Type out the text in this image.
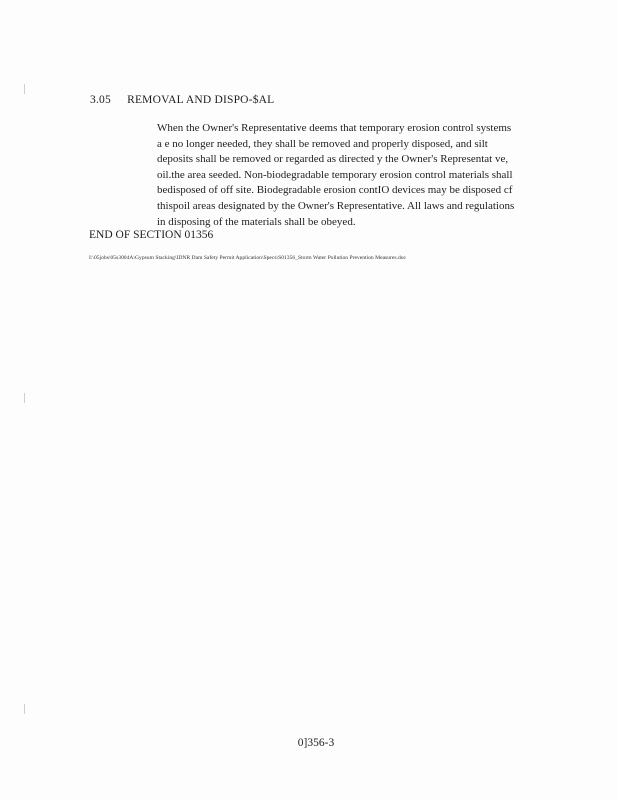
3.05 REMOVAL AND DISPO-$AL
When the Owner's Representative deems that temporary erosion control systems
a e no longer needed, they shall be removed and properly disposed, and silt
deposits shall be removed or regarded as directed y the Owner's Representat ve,
oil.the area seeded. Non-biodegradable temporary erosion control materials shall
bedisposed of off site. Biodegradable erosion contIO devices may be disposed cf
thispoil areas designated by the Owner's Representative. All laws and regulations
in disposing of the materials shall be obeyed.
END OF SECTION 01356
I:\05jobs\05s3004A\Gypsum Stacking\IDNR Dam Safety Permit Application\Specs\S01356_Storm Water Pollution Prevention Measures.doc
0]356-3
